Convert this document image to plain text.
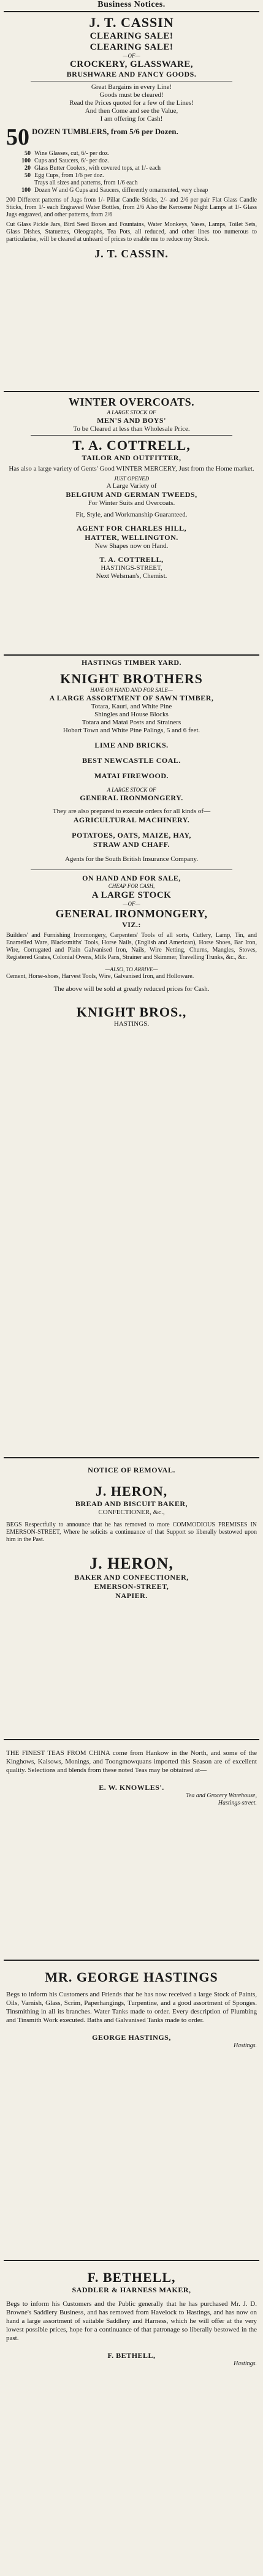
Business Notices.
J. T. CASSIN
CLEARING SALE!
CLEARING SALE!
—OF—
CROCKERY, GLASSWARE,
BRUSHWARE AND FANCY GOODS.
Great Bargains in every Line!
Goods must be cleared!
Read the Prices quoted for a few of the Lines!
And then Come and see the Value,
I am offering for Cash!
50 DOZEN TUMBLERS, from 5/6 per Dozen.
50 Wine Glasses, cut, 6/- per doz.
100 Cups and Saucers, 6/- per doz.
20 Glass Butter Coolers, with covered tops, at 1/- each
50 Egg Cups, from 1/6 per doz.
Trays all sizes and patterns, from 1/6 each
100 Dozen W and G Cups and Saucers, differently ornamented, very cheap
200 Different patterns of Jugs from 1/- Pillar Candle Sticks, 2/- and 2/6 per pair Flat Glass Candle Sticks, from 1/- each Engraved Water Bottles, from 2/6 Also the Kerosene Night Lamps at 1/- Glass Jugs engraved, and other patterns, from 2/6
Cut Glass Pickle Jars, Bird Seed Boxes and Fountains, Water Monkeys, Vases, Lamps, Toilet Sets, Glass Dishes, Statuettes, Oleographs, Tea Pots, all reduced, and other lines too numerous to particularise, will be cleared at unheard of prices to enable me to reduce my Stock.
J. T. CASSIN.
WINTER OVERCOATS.
A LARGE STOCK OF
MEN'S AND BOYS'
To be Cleared at less than Wholesale Price.
T. A. COTTRELL,
TAILOR AND OUTFITTER,
Has also a large variety of Gents' Good WINTER MERCERY, Just from the Home market.
JUST OPENED
A Large Variety of
BELGIUM AND GERMAN TWEEDS,
For Winter Suits and Overcoats.
Fit, Style, and Workmanship Guaranteed.
AGENT FOR CHARLES HILL,
HATTER, WELLINGTON.
New Shapes now on Hand.
T. A. COTTRELL,
HASTINGS-STREET,
Next Welsman's, Chemist.
HASTINGS TIMBER YARD.
KNIGHT BROTHERS
HAVE ON HAND AND FOR SALE—
A LARGE ASSORTMENT OF SAWN TIMBER,
Totara, Kauri, and White Pine
Shingles and House Blocks
Totara and Matai Posts and Strainers
Hobart Town and White Pine Palings, 5 and 6 feet.
LIME AND BRICKS.
BEST NEWCASTLE COAL.
MATAI FIREWOOD.
A LARGE STOCK OF
GENERAL IRONMONGERY.
They are also prepared to execute orders for all kinds of—
AGRICULTURAL MACHINERY.
POTATOES, OATS, MAIZE, HAY,
STRAW AND CHAFF.
Agents for the South British Insurance Company.
ON HAND AND FOR SALE,
CHEAP FOR CASH,
A LARGE STOCK
—OF—
GENERAL IRONMONGERY,
VIZ.:
Builders' and Furnishing Ironmongery, Carpenters' Tools of all sorts, Cutlery, Lamp, Tin, and Enamelled Ware, Blacksmiths' Tools, Horse Nails, (English and American), Horse Shoes, Bar Iron, Wire, Corrugated and Plain Galvanised Iron, Nails, Wire Netting, Churns, Mangles, Stoves, Registered Grates, Colonial Ovens, Milk Pans, Strainer and Skimmer, Travelling Trunks, &c., &c.
—ALSO, TO ARRIVE—
Cement, Horse-shoes, Harvest Tools, Wire, Galvanised Iron, and Holloware.
The above will be sold at greatly reduced prices for Cash.
KNIGHT BROS.,
HASTINGS.
NOTICE OF REMOVAL.
J. HERON,
BREAD AND BISCUIT BAKER,
CONFECTIONER, &c.,
BEGS Respectfully to announce that he has removed to more COMMODIOUS PREMISES IN EMERSON-STREET, Where he solicits a continuance of that Support so liberally bestowed upon him in the Past.
J. HERON,
BAKER AND CONFECTIONER,
EMERSON-STREET,
NAPIER.
THE FINEST TEAS FROM CHINA come from Hankow in the North, and some of the Kinghows, Kaisows, Monings, and Toongmowquans imported this Season are of excellent quality. Selections and blends from these noted Teas may be obtained at—
E. W. KNOWLES'.
Tea and Grocery Warehouse,
Hastings-street.
MR. GEORGE HASTINGS
Begs to inform his Customers and Friends that he has now received a large Stock of Paints, Oils, Varnish, Glass, Scrim, Paperhangings, Turpentine, and a good assortment of Sponges. Tinsmithing in all its branches. Water Tanks made to order. Every description of Plumbing and Tinsmith Work executed. Baths and Galvanised Tanks made to order.
GEORGE HASTINGS,
Hastings.
F. BETHELL,
SADDLER & HARNESS MAKER,
Begs to inform his Customers and the Public generally that he has purchased Mr. J. D. Browne's Saddlery Business, and has removed from Havelock to Hastings, and has now on hand a large assortment of suitable Saddlery and Harness, which he will offer at the very lowest possible prices, hope for a continuance of that patronage so liberally bestowed in the past.
F. BETHELL,
Hastings.
